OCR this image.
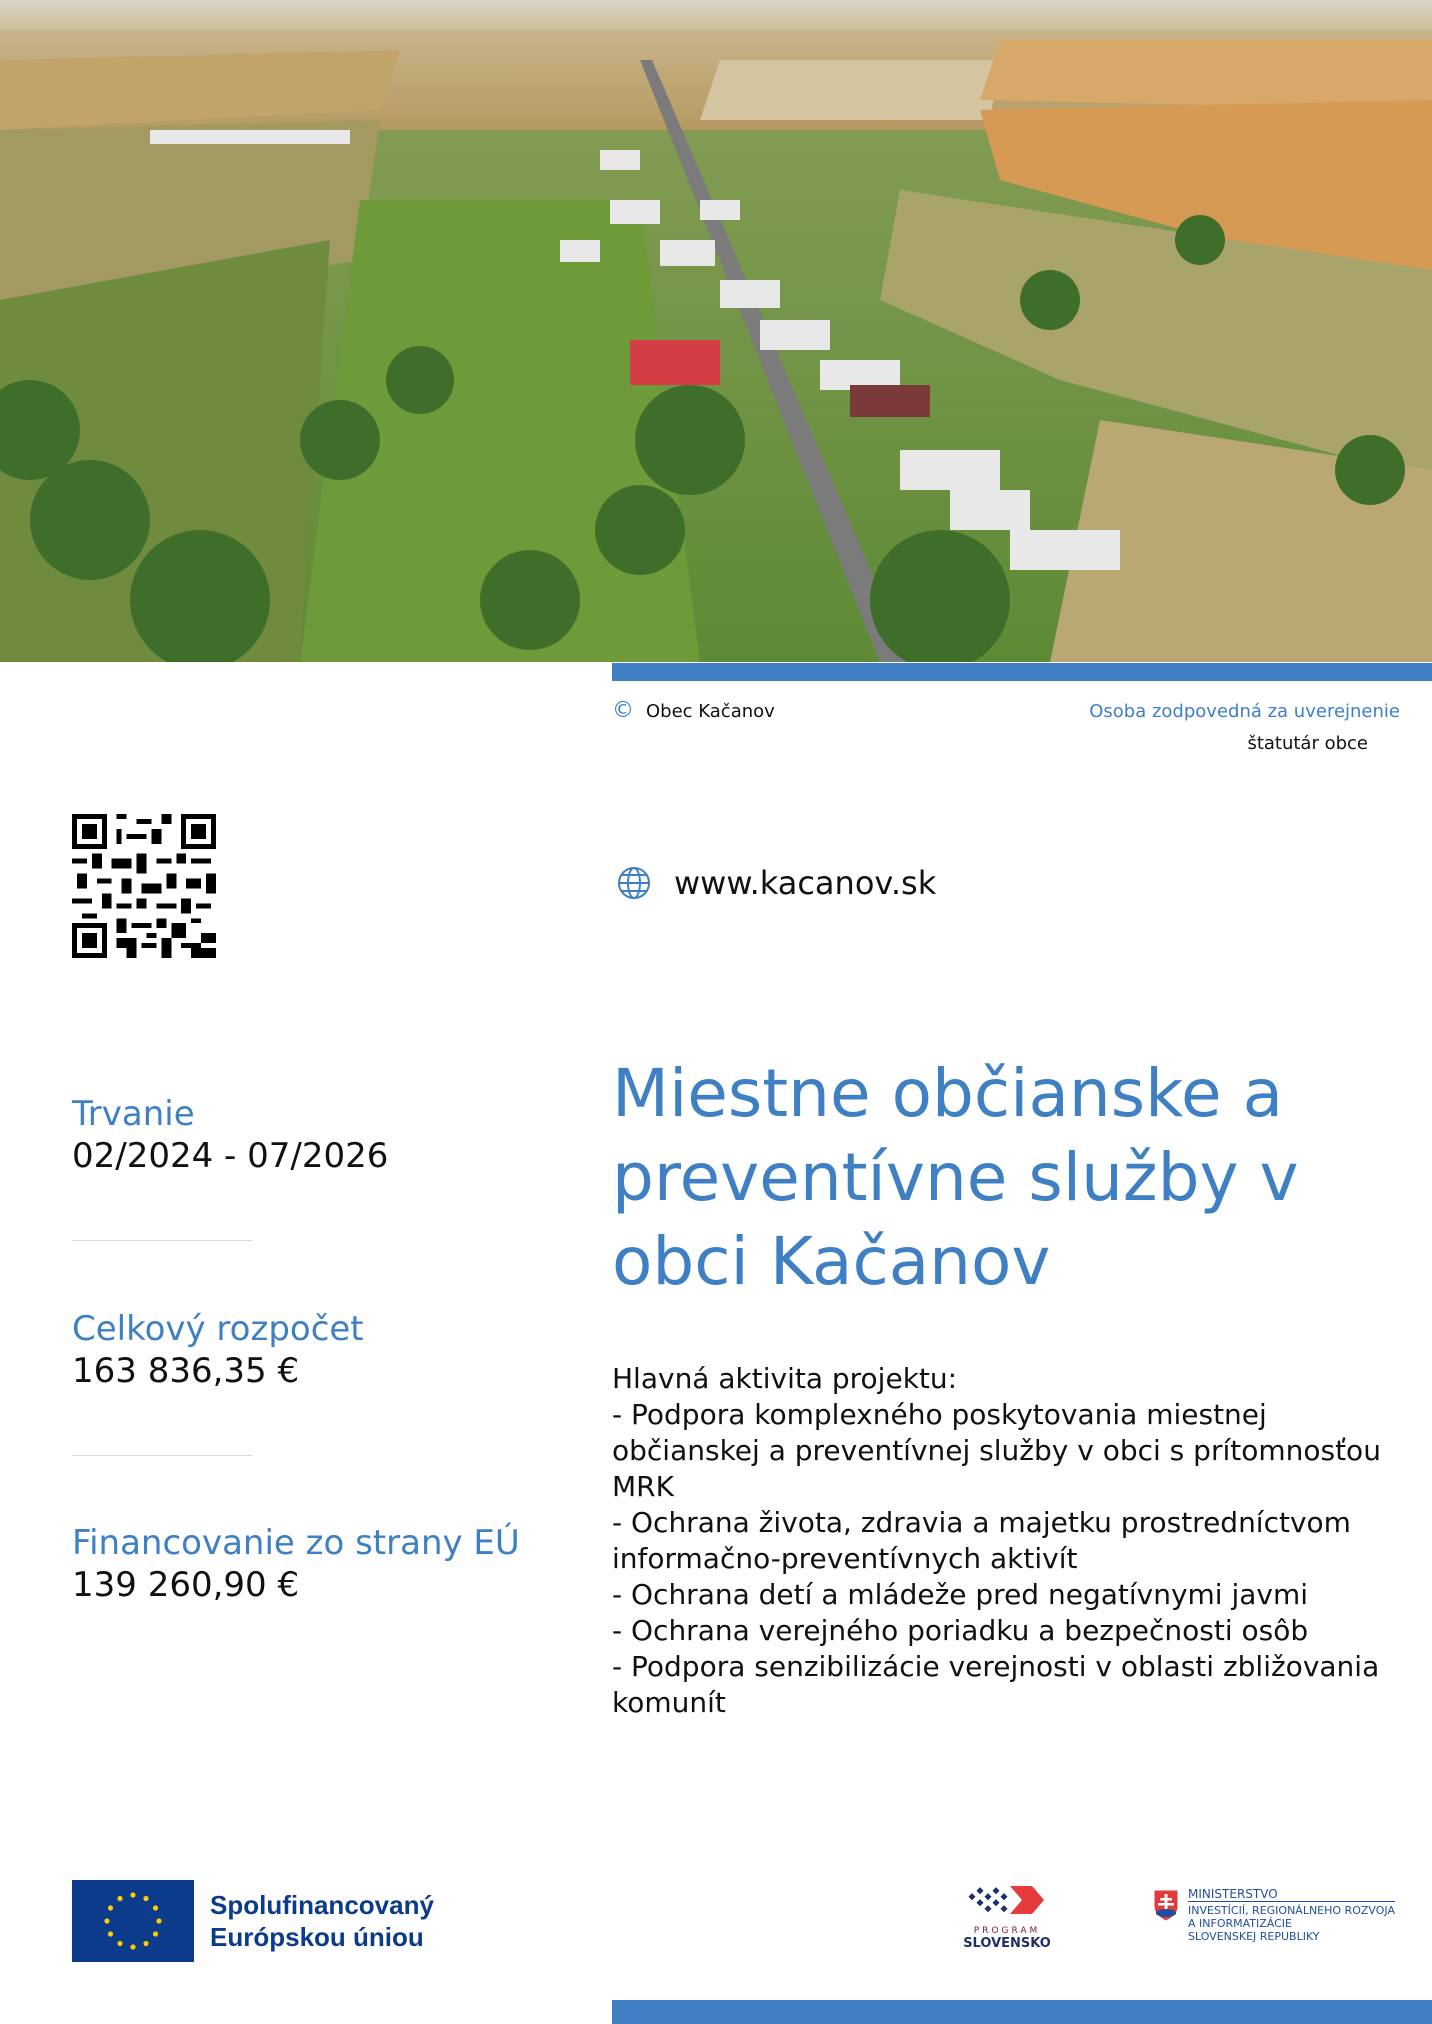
© Obec Kačanov	Osoba zodpovedná za uverejnenie
štatutár obce
www.kacanov.sk
Trvanie
02/2024 - 07/2026
Celkový rozpočet
163 836,35 €
Financovanie zo strany EÚ
139 260,90 €
Miestne občianske a preventívne služby v obci Kačanov
Hlavná aktivita projektu:
- Podpora komplexného poskytovania miestnej občianskej a preventívnej služby v obci s prítomnosťou MRK
- Ochrana života, zdravia a majetku prostredníctvom informačno-preventívnych aktivít
- Ochrana detí a mládeže pred negatívnymi javmi
- Ochrana verejného poriadku a bezpečnosti osôb
- Podpora senzibilizácie verejnosti v oblasti zbližovania komunít
Spolufinancovaný
Európskou úniou	PROGRAM
SLOVENSKO
MINISTERSTVO
INVESTÍCIÍ, REGIONÁLNEHO ROZVOJA
A INFORMATIZÁCIE
SLOVENSKEJ REPUBLIKY
